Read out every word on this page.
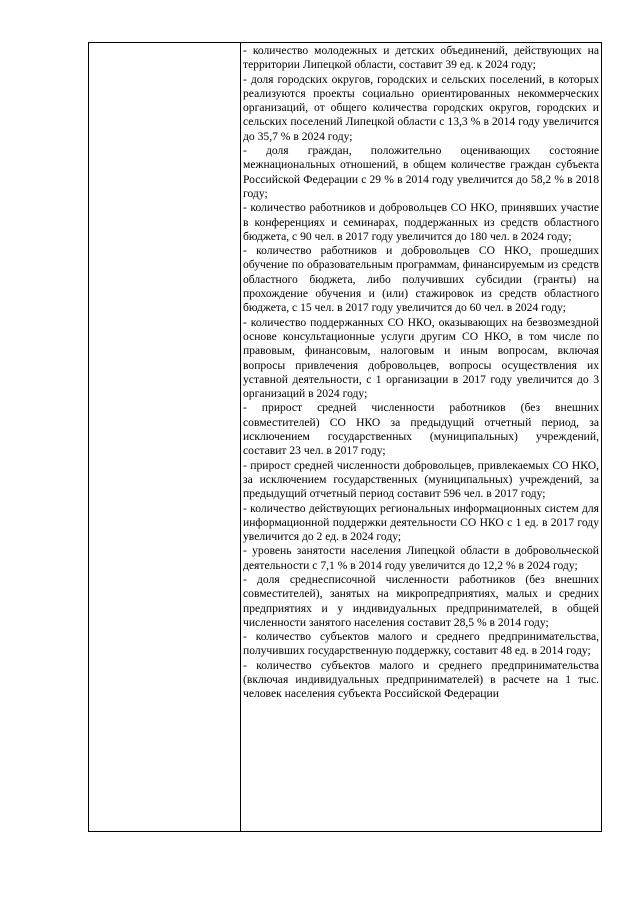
- количество молодежных и детских объединений, действующих на территории Липецкой области, составит 39 ед. к 2024 году;

- доля городских округов, городских и сельских поселений, в которых реализуются проекты социально ориентированных некоммерческих организаций, от общего количества городских округов, городских и сельских поселений Липецкой области с 13,3 % в 2014 году увеличится до 35,7 % в 2024 году;

- доля граждан, положительно оценивающих состояние межнациональных отношений, в общем количестве граждан субъекта Российской Федерации с 29 % в 2014 году увеличится до 58,2 % в 2018 году;

- количество работников и добровольцев СО НКО, принявших участие в конференциях и семинарах, поддержанных из средств областного бюджета, с 90 чел. в 2017 году увеличится до 180 чел. в 2024 году;

- количество работников и добровольцев СО НКО, прошедших обучение по образовательным программам, финансируемым из средств областного бюджета, либо получивших субсидии (гранты) на прохождение обучения и (или) стажировок из средств областного бюджета, с 15 чел. в 2017 году увеличится до 60 чел. в 2024 году;

- количество поддержанных СО НКО, оказывающих на безвозмездной основе консультационные услуги другим СО НКО, в том числе по правовым, финансовым, налоговым и иным вопросам, включая вопросы привлечения добровольцев, вопросы осуществления их уставной деятельности, с 1 организации в 2017 году увеличится до 3 организаций в 2024 году;

- прирост средней численности работников (без внешних совместителей) СО НКО за предыдущий отчетный период, за исключением государственных (муниципальных) учреждений, составит 23 чел. в 2017 году;

- прирост средней численности добровольцев, привлекаемых СО НКО, за исключением государственных (муниципальных) учреждений, за предыдущий отчетный период составит 596 чел. в 2017 году;

- количество действующих региональных информационных систем для информационной поддержки деятельности СО НКО с 1 ед. в 2017 году увеличится до 2 ед. в 2024 году;

- уровень занятости населения Липецкой области в добровольческой деятельности с 7,1 % в 2014 году увеличится до 12,2 % в 2024 году;

- доля среднесписочной численности работников (без внешних совместителей), занятых на микропредприятиях, малых и средних предприятиях и у индивидуальных предпринимателей, в общей численности занятого населения составит 28,5 % в 2014 году;

- количество субъектов малого и среднего предпринимательства, получивших государственную поддержку, составит 48 ед. в 2014 году;

- количество субъектов малого и среднего предпринимательства (включая индивидуальных предпринимателей) в расчете на 1 тыс. человек населения субъекта Российской Федерации
